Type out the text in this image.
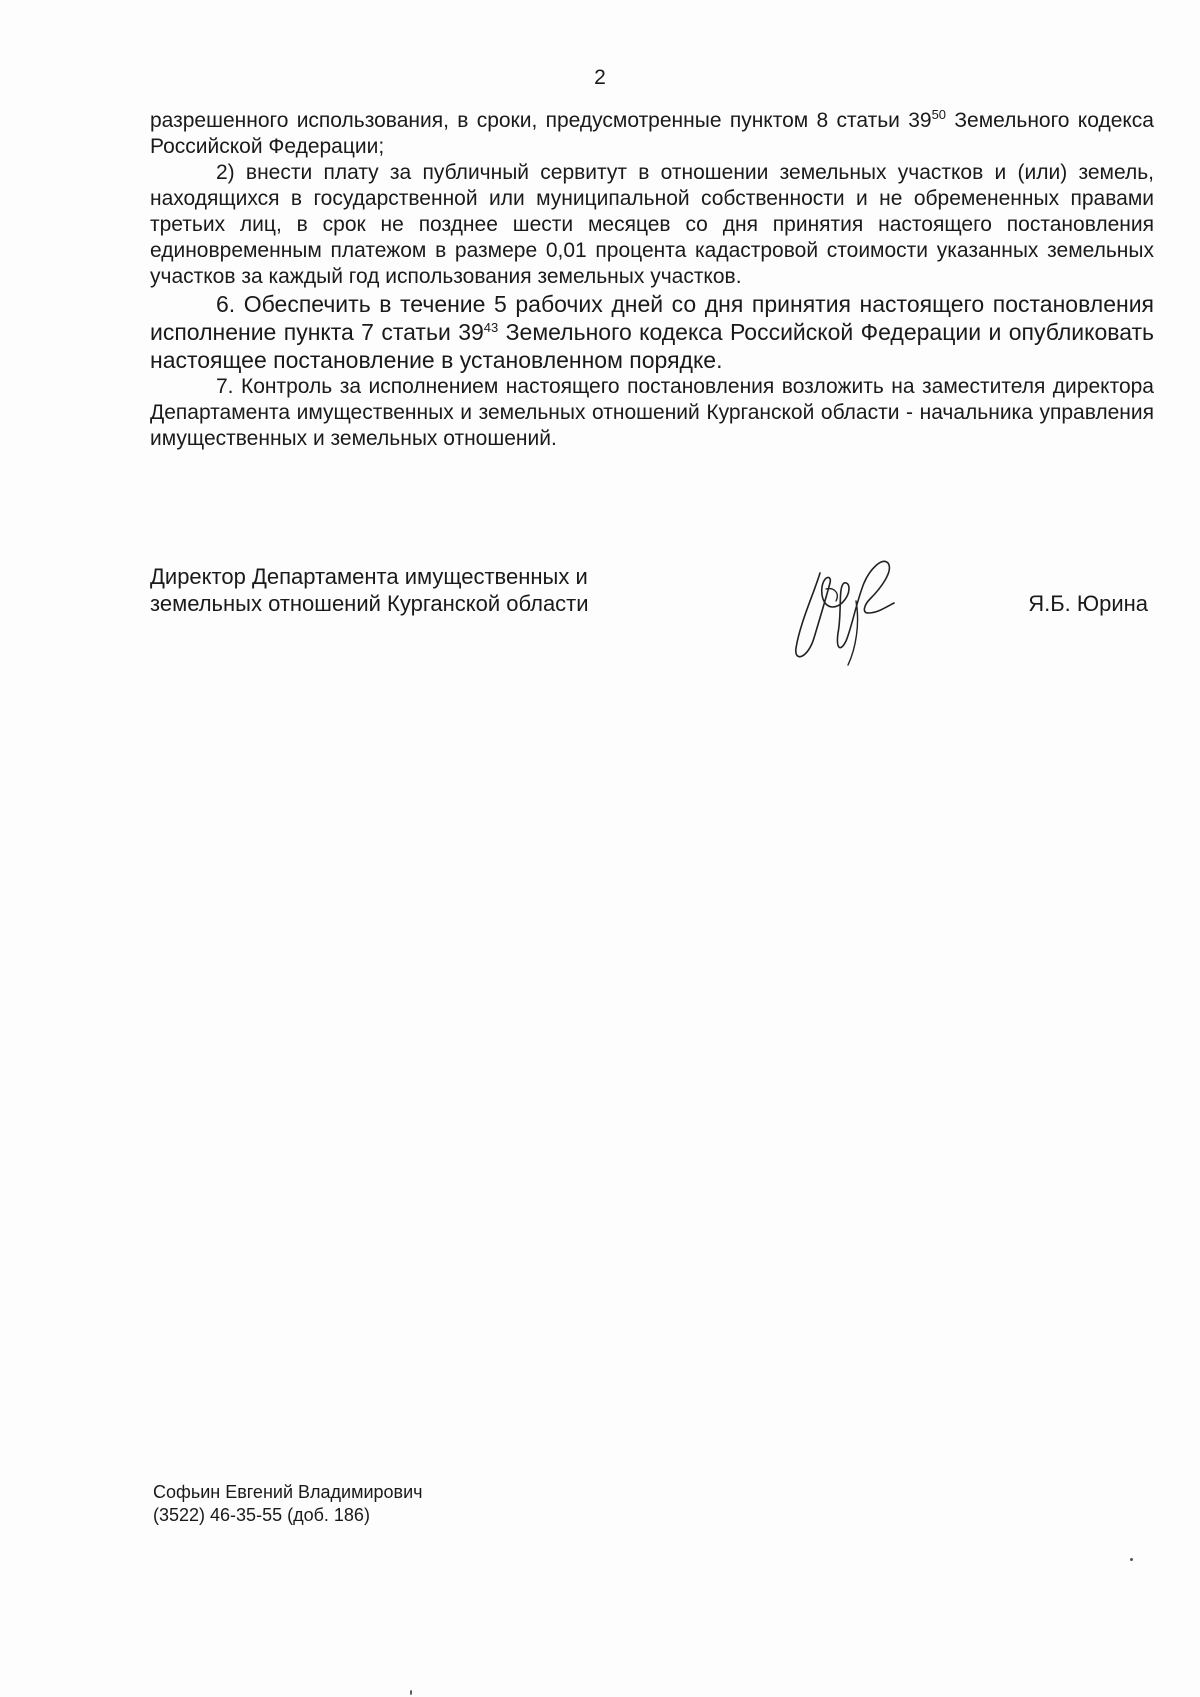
2

разрешенного использования, в сроки, предусмотренные пунктом 8 статьи $39^{50}$ Земельного кодекса Российской Федерации;

2) внести плату за публичный сервитут в отношении земельных участков и (или) земель, находящихся в государственной или муниципальной собственности и не обремененных правами третьих лиц, в срок не позднее шести месяцев со дня принятия настоящего постановления единовременным платежом в размере 0,01 процента кадастровой стоимости указанных земельных участков за каждый год использования земельных участков.

6. Обеспечить в течение 5 рабочих дней со дня принятия настоящего постановления исполнение пункта 7 статьи $39^{43}$ Земельного кодекса Российской Федерации и опубликовать настоящее постановление в установленном порядке.

7. Контроль за исполнением настоящего постановления возложить на заместителя директора Департамента имущественных и земельных отношений Курганской области - начальника управления имущественных и земельных отношений.

Директор Департамента имущественных и
земельных отношений Курганской области	Я.Б. Юрина
Софьин Евгений Владимирович
(3522) 46-35-55 (доб. 186)
